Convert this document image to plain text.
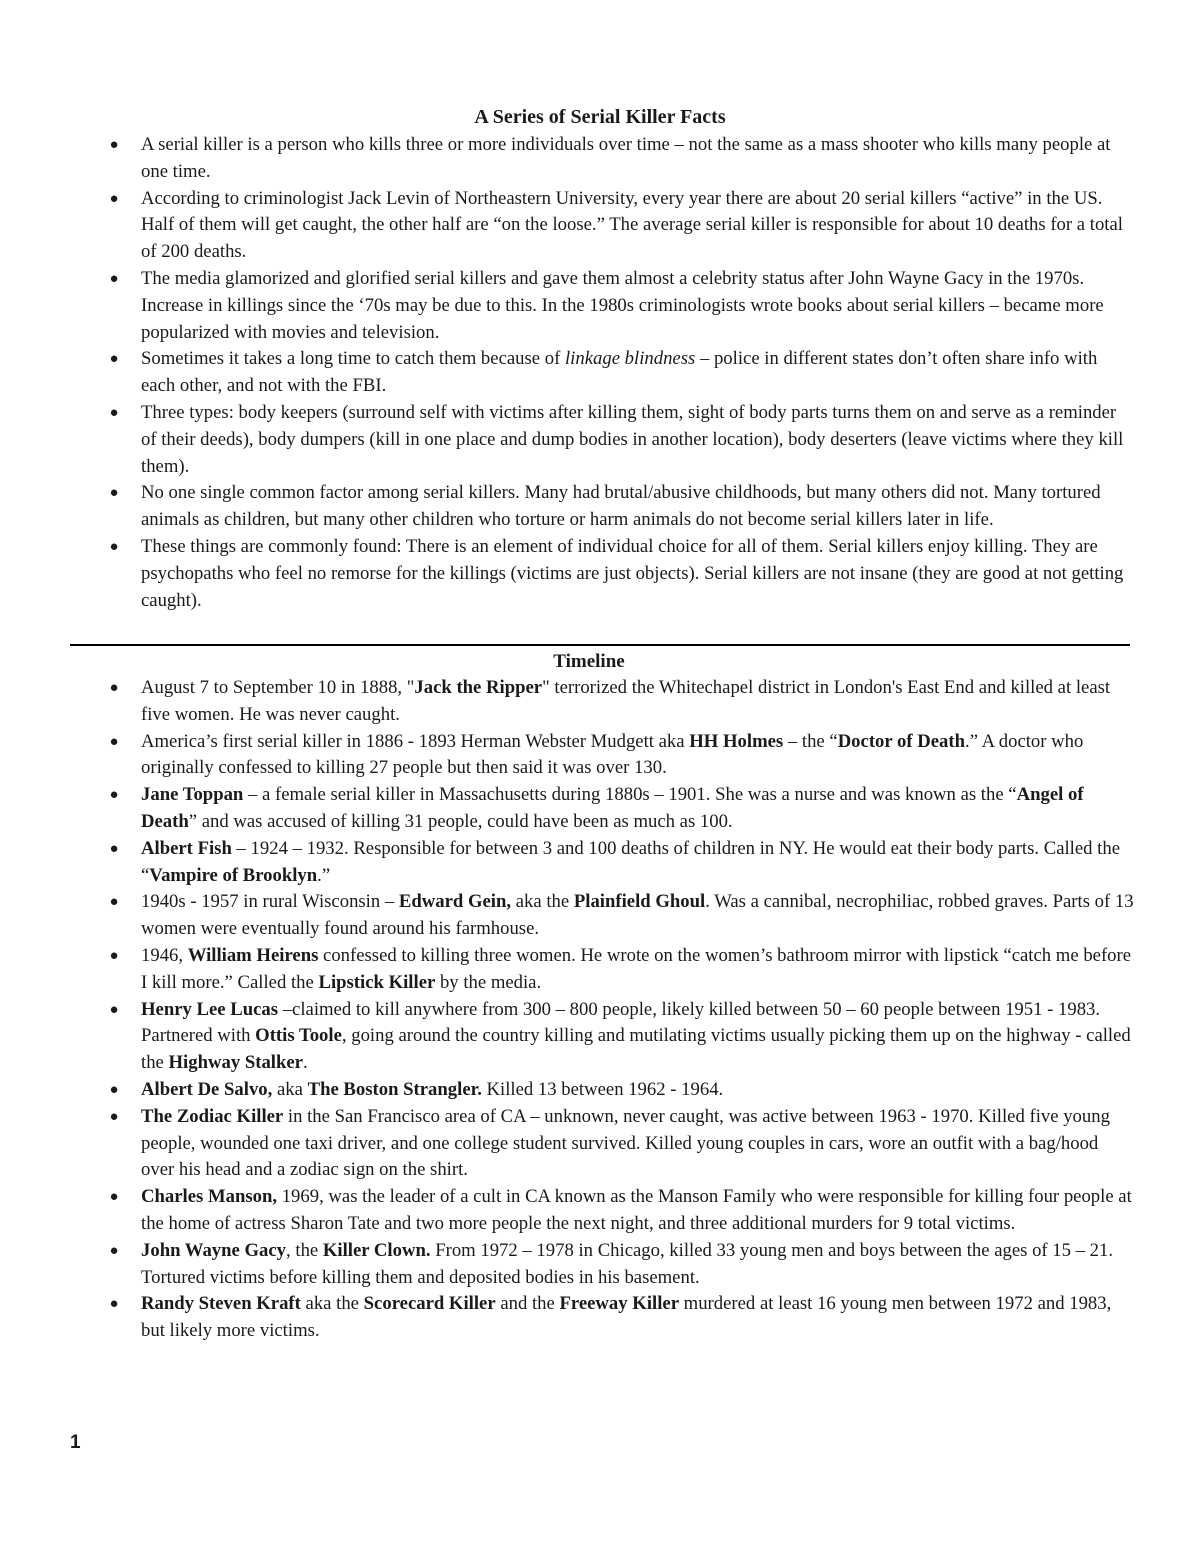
A Series of Serial Killer Facts
● A serial killer is a person who kills three or more individuals over time – not the same as a mass shooter who kills many people at one time.
● According to criminologist Jack Levin of Northeastern University, every year there are about 20 serial killers “active” in the US. Half of them will get caught, the other half are “on the loose.” The average serial killer is responsible for about 10 deaths for a total of 200 deaths.
● The media glamorized and glorified serial killers and gave them almost a celebrity status after John Wayne Gacy in the 1970s. Increase in killings since the ‘70s may be due to this. In the 1980s criminologists wrote books about serial killers – became more popularized with movies and television.
● Sometimes it takes a long time to catch them because of linkage blindness – police in different states don’t often share info with each other, and not with the FBI.
● Three types: body keepers (surround self with victims after killing them, sight of body parts turns them on and serve as a reminder of their deeds), body dumpers (kill in one place and dump bodies in another location), body deserters (leave victims where they kill them).
● No one single common factor among serial killers. Many had brutal/abusive childhoods, but many others did not. Many tortured animals as children, but many other children who torture or harm animals do not become serial killers later in life.
● These things are commonly found: There is an element of individual choice for all of them. Serial killers enjoy killing. They are psychopaths who feel no remorse for the killings (victims are just objects). Serial killers are not insane (they are good at not getting caught).
Timeline
● August 7 to September 10 in 1888, "Jack the Ripper" terrorized the Whitechapel district in London's East End and killed at least five women. He was never caught.
● America’s first serial killer in 1886 - 1893 Herman Webster Mudgett aka HH Holmes – the “Doctor of Death.” A doctor who originally confessed to killing 27 people but then said it was over 130.
● Jane Toppan – a female serial killer in Massachusetts during 1880s – 1901. She was a nurse and was known as the “Angel of Death” and was accused of killing 31 people, could have been as much as 100.
● Albert Fish – 1924 – 1932. Responsible for between 3 and 100 deaths of children in NY. He would eat their body parts. Called the “Vampire of Brooklyn.”
● 1940s - 1957 in rural Wisconsin – Edward Gein, aka the Plainfield Ghoul. Was a cannibal, necrophiliac, robbed graves. Parts of 13 women were eventually found around his farmhouse.
● 1946, William Heirens confessed to killing three women. He wrote on the women’s bathroom mirror with lipstick “catch me before I kill more.” Called the Lipstick Killer by the media.
● Henry Lee Lucas –claimed to kill anywhere from 300 – 800 people, likely killed between 50 – 60 people between 1951 - 1983. Partnered with Ottis Toole, going around the country killing and mutilating victims usually picking them up on the highway - called the Highway Stalker.
● Albert De Salvo, aka The Boston Strangler. Killed 13 between 1962 - 1964.
● The Zodiac Killer in the San Francisco area of CA – unknown, never caught, was active between 1963 - 1970. Killed five young people, wounded one taxi driver, and one college student survived. Killed young couples in cars, wore an outfit with a bag/hood over his head and a zodiac sign on the shirt.
● Charles Manson, 1969, was the leader of a cult in CA known as the Manson Family who were responsible for killing four people at the home of actress Sharon Tate and two more people the next night, and three additional murders for 9 total victims.
● John Wayne Gacy, the Killer Clown. From 1972 – 1978 in Chicago, killed 33 young men and boys between the ages of 15 – 21. Tortured victims before killing them and deposited bodies in his basement.
● Randy Steven Kraft aka the Scorecard Killer and the Freeway Killer murdered at least 16 young men between 1972 and 1983, but likely more victims.
1
